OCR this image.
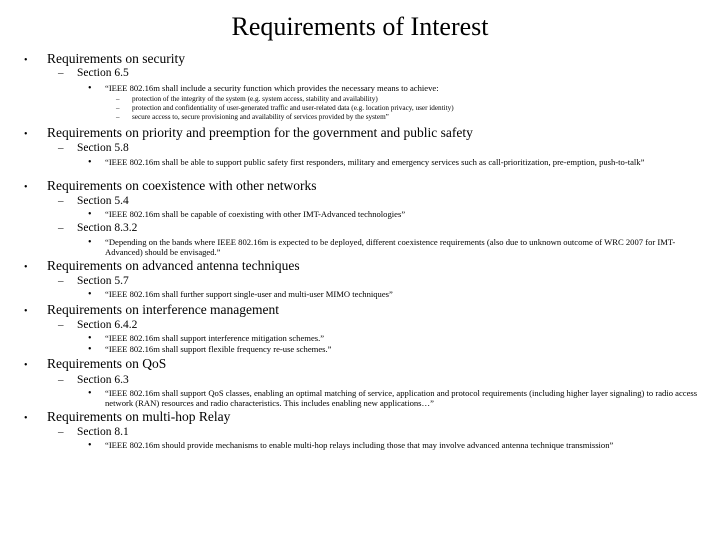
Requirements of Interest
• Requirements on security
– Section 6.5
• “IEEE 802.16m shall include a security function which provides the necessary means to achieve:
– protection of the integrity of the system (e.g. system access, stability and availability)
– protection and confidentiality of user-generated traffic and user-related data (e.g. location privacy, user identity)
– secure access to, secure provisioning and availability of services provided by the system”
• Requirements on priority and preemption for the government and public safety
– Section 5.8
• “IEEE 802.16m shall be able to support public safety first responders, military and emergency services such as call-prioritization, pre-emption, push-to-talk”
• Requirements on coexistence with other networks
– Section 5.4
• “IEEE 802.16m shall be capable of coexisting with other IMT-Advanced technologies”
– Section 8.3.2
• “Depending on the bands where IEEE 802.16m is expected to be deployed, different coexistence requirements (also due to unknown outcome of WRC 2007 for IMT-Advanced) should be envisaged.”
• Requirements on advanced antenna techniques
– Section 5.7
• “IEEE 802.16m shall further support single-user and multi-user MIMO techniques”
• Requirements on interference management
– Section 6.4.2
• “IEEE 802.16m shall support interference mitigation schemes.”
• “IEEE 802.16m shall support flexible frequency re-use schemes.”
• Requirements on QoS
– Section 6.3
• “IEEE 802.16m shall support QoS classes, enabling an optimal matching of service, application and protocol requirements (including higher layer signaling) to radio access network (RAN) resources and radio characteristics. This includes enabling new applications…”
• Requirements on multi-hop Relay
– Section 8.1
• “IEEE 802.16m should provide mechanisms to enable multi-hop relays including those that may involve advanced antenna technique transmission”
